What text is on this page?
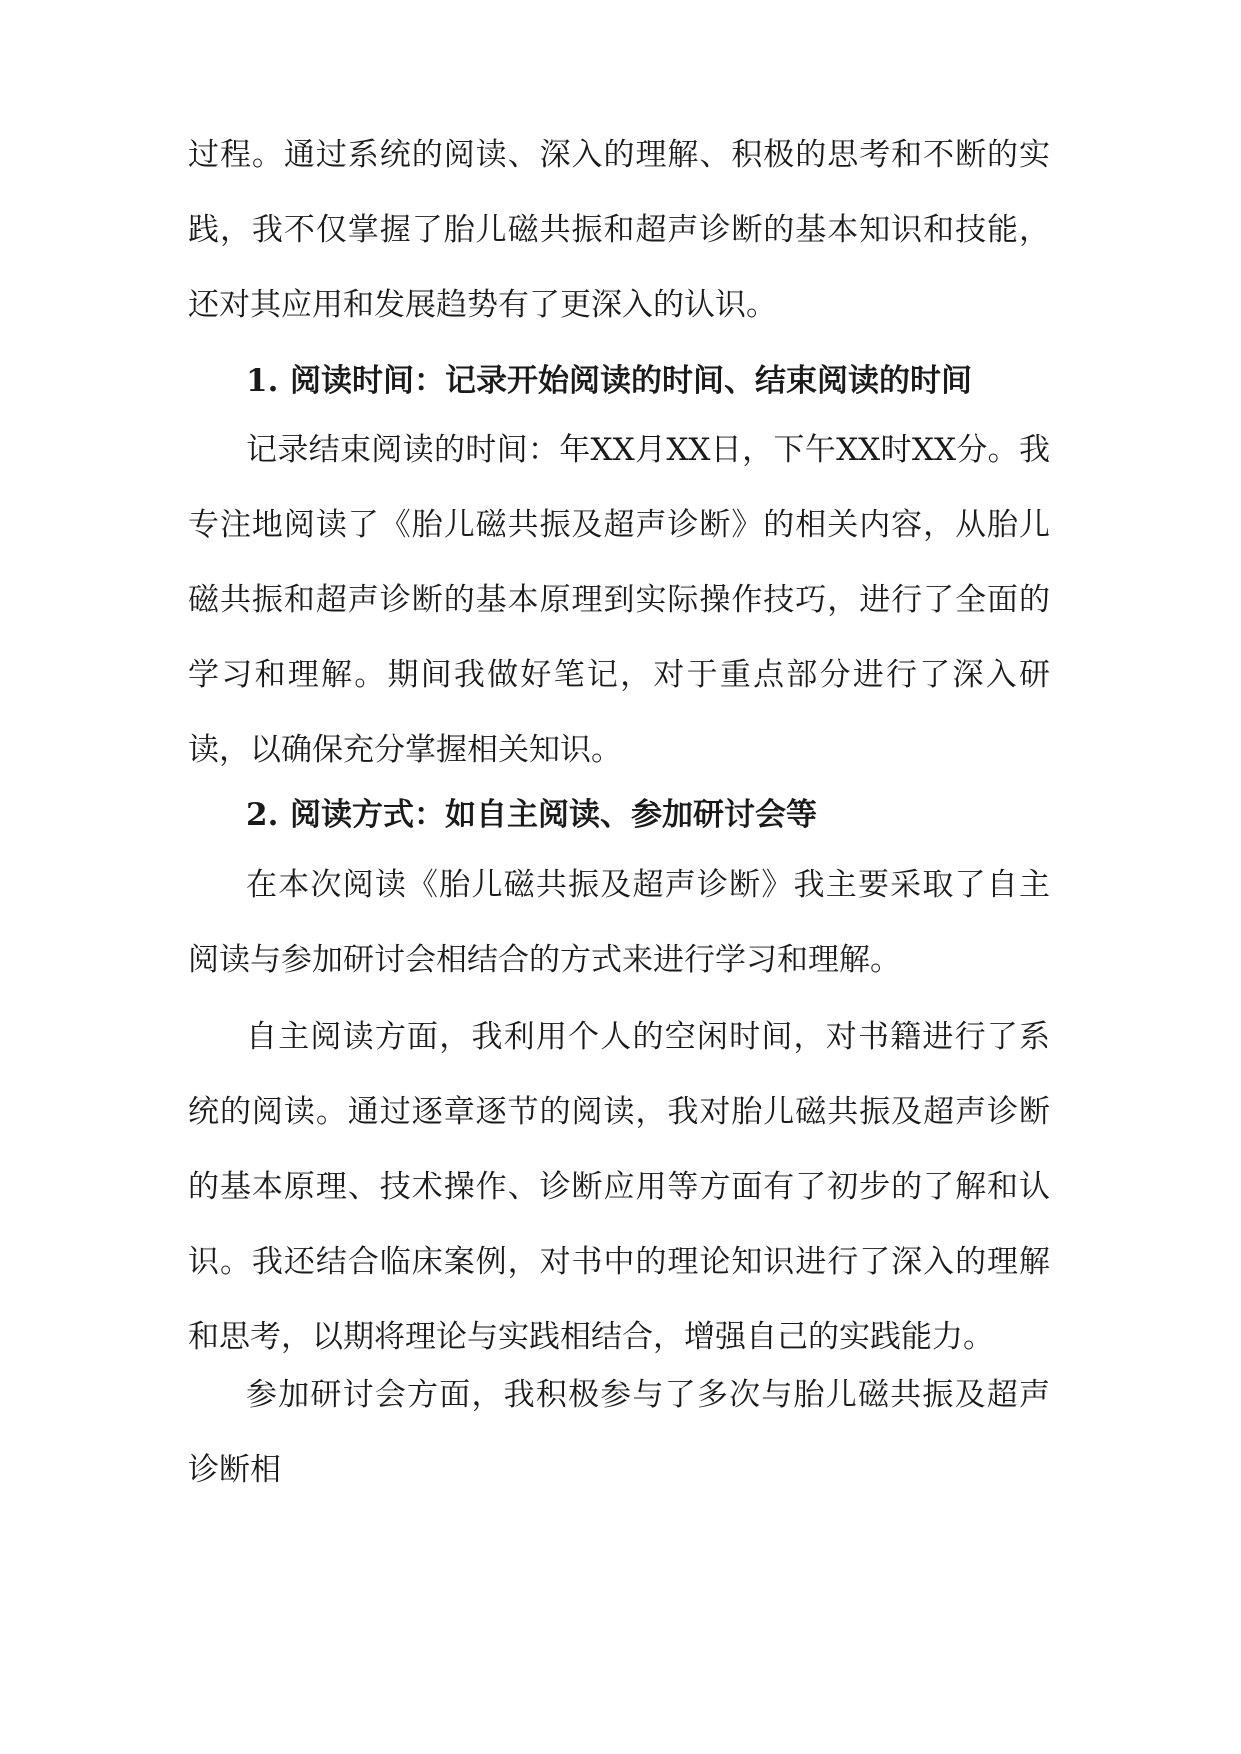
过程。通过系统的阅读、深入的理解、积极的思考和不断的实践，我不仅掌握了胎儿磁共振和超声诊断的基本知识和技能，还对其应用和发展趋势有了更深入的认识。

1. 阅读时间：记录开始阅读的时间、结束阅读的时间

记录结束阅读的时间：年XX月XX日，下午XX时XX分。我专注地阅读了《胎儿磁共振及超声诊断》的相关内容，从胎儿磁共振和超声诊断的基本原理到实际操作技巧，进行了全面的学习和理解。期间我做好笔记，对于重点部分进行了深入研读，以确保充分掌握相关知识。

2. 阅读方式：如自主阅读、参加研讨会等

在本次阅读《胎儿磁共振及超声诊断》我主要采取了自主阅读与参加研讨会相结合的方式来进行学习和理解。

自主阅读方面，我利用个人的空闲时间，对书籍进行了系统的阅读。通过逐章逐节的阅读，我对胎儿磁共振及超声诊断的基本原理、技术操作、诊断应用等方面有了初步的了解和认识。我还结合临床案例，对书中的理论知识进行了深入的理解和思考，以期将理论与实践相结合，增强自己的实践能力。

参加研讨会方面，我积极参与了多次与胎儿磁共振及超声诊断相
